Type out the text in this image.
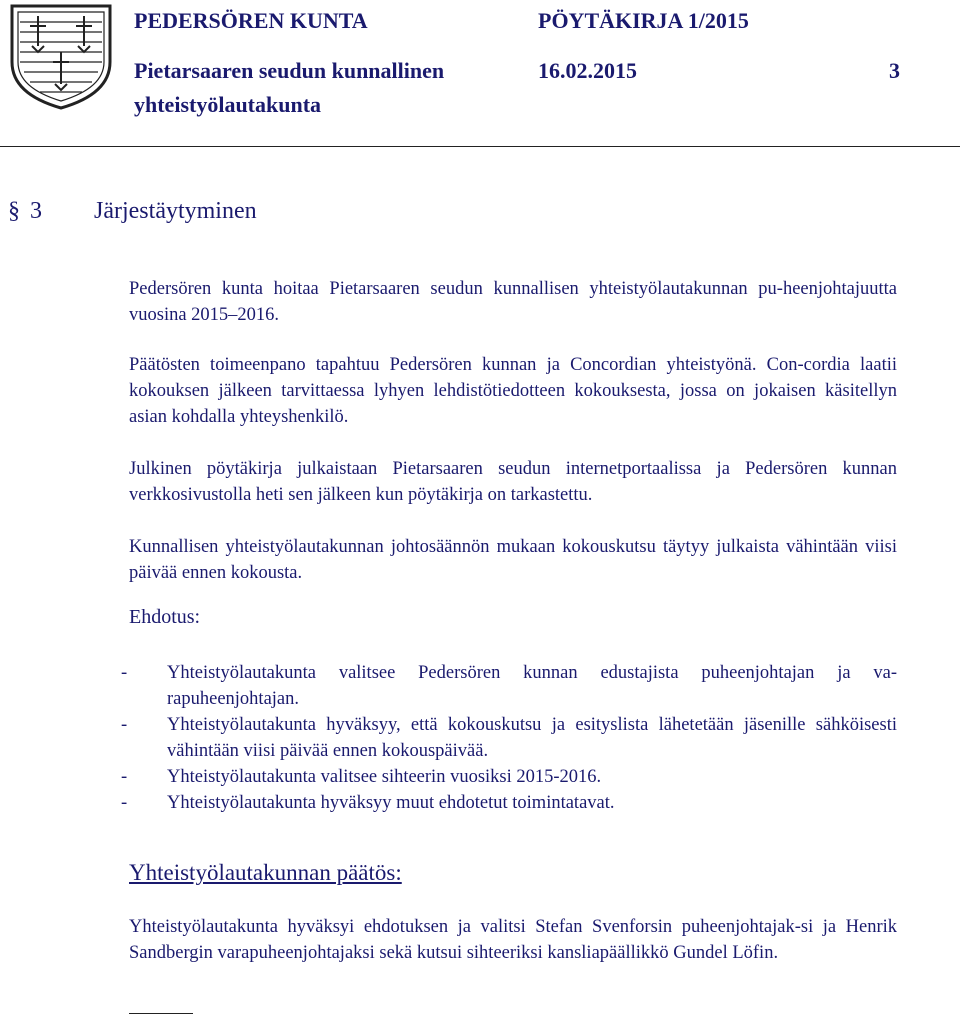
PEDERSÖREN KUNTA	PÖYTÄKIRJA 1/2015
Pietarsaaren seudun kunnallinen	16.02.2015	3
yhteistyölautakunta
§ 3 Järjestäytyminen
Pedersören kunta hoitaa Pietarsaaren seudun kunnallisen yhteistyölautakunnan pu-heenjohtajuutta vuosina 2015‒2016.
Päätösten toimeenpano tapahtuu Pedersören kunnan ja Concordian yhteistyönä. Con-cordia laatii kokouksen jälkeen tarvittaessa lyhyen lehdistötiedotteen kokouksesta, jossa on jokaisen käsitellyn asian kohdalla yhteyshenkilö.
Julkinen pöytäkirja julkaistaan Pietarsaaren seudun internetportaalissa ja Pedersören kunnan verkkosivustolla heti sen jälkeen kun pöytäkirja on tarkastettu.
Kunnallisen yhteistyölautakunnan johtosäännön mukaan kokouskutsu täytyy julkaista vähintään viisi päivää ennen kokousta.
Ehdotus:
-	Yhteistyölautakunta valitsee Pedersören kunnan edustajista puheenjohtajan ja va-rapuheenjohtajan.
-	Yhteistyölautakunta hyväksyy, että kokouskutsu ja esityslista lähetetään jäsenille sähköisesti vähintään viisi päivää ennen kokouspäivää.
-	Yhteistyölautakunta valitsee sihteerin vuosiksi 2015-2016.
-	Yhteistyölautakunta hyväksyy muut ehdotetut toimintatavat.
Yhteistyölautakunnan päätös:
Yhteistyölautakunta hyväksyi ehdotuksen ja valitsi Stefan Svenforsin puheenjohtajak-si ja Henrik Sandbergin varapuheenjohtajaksi sekä kutsui sihteeriksi kansliapäällikkö Gundel Löfin.
